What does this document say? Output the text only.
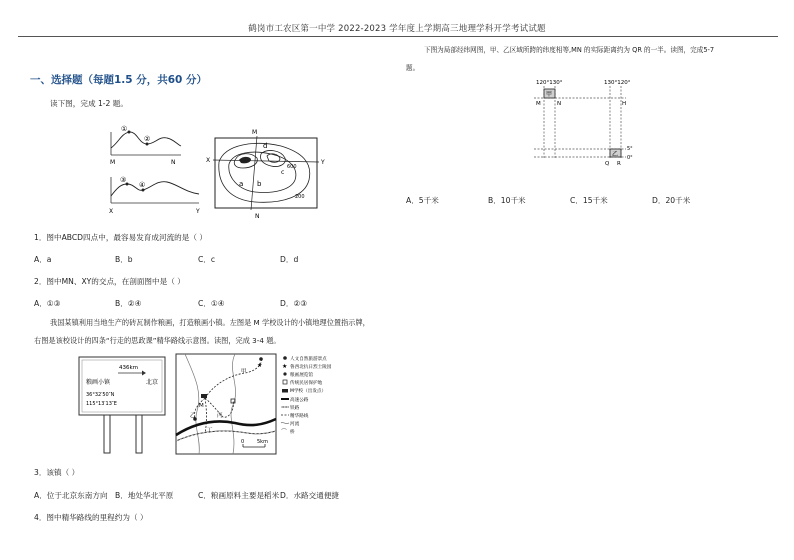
鹤岗市工农区第一中学 2022-2023 学年度上学期高三地理学科开学考试试题
一、选择题（每题1.5 分，共60 分）
读下图，完成 1-2 题。
①
②
M	N
③
④
X	Y
M
N
X	Y
d
a b
c
600
200
1．图中ABCD四点中，最容易发育成河流的是（ ）
A．a	B．b	C．c	D．d
2．图中MN、XY的交点，在剖面图中是（ ）
A．①③	B．②④	C．①④	D．②③
我国某镇利用当地生产的砖瓦制作粮画，打造粮画小镇。左图是 M 学校设计的小镇地理位置指示牌，
右图是该校设计的四条“行走的思政课”精华路线示意图。读图，完成 3-4 题。
粮画小镇
436km
北京
36°32′50″N
115°13′13″E
★
甲
乙	丙
丁
M
0	5km
人文自然旅游景点
★ 鲁西北抗日烈士陵园
粮画展览馆
传统民居保护地
M学校（出发点）
高速公路
铁路
精华路线
河流
⌒ 桥
3．该镇（ ）
A．位于北京东南方向 B．地处华北平原	C．粮画原料主要是稻米 D．水路交通便捷
4．图中精华路线的里程约为（ ）
下图为局部经纬网图，甲、乙区域所跨的纬度相等,MN 的实际距离约为 QR 的一半。读图，完成5-7
题。
120°130°	130°120°
甲
乙
M	N	H
Q R
5°
0°
A．5千米	B．10千米	C．15千米	D．20千米
